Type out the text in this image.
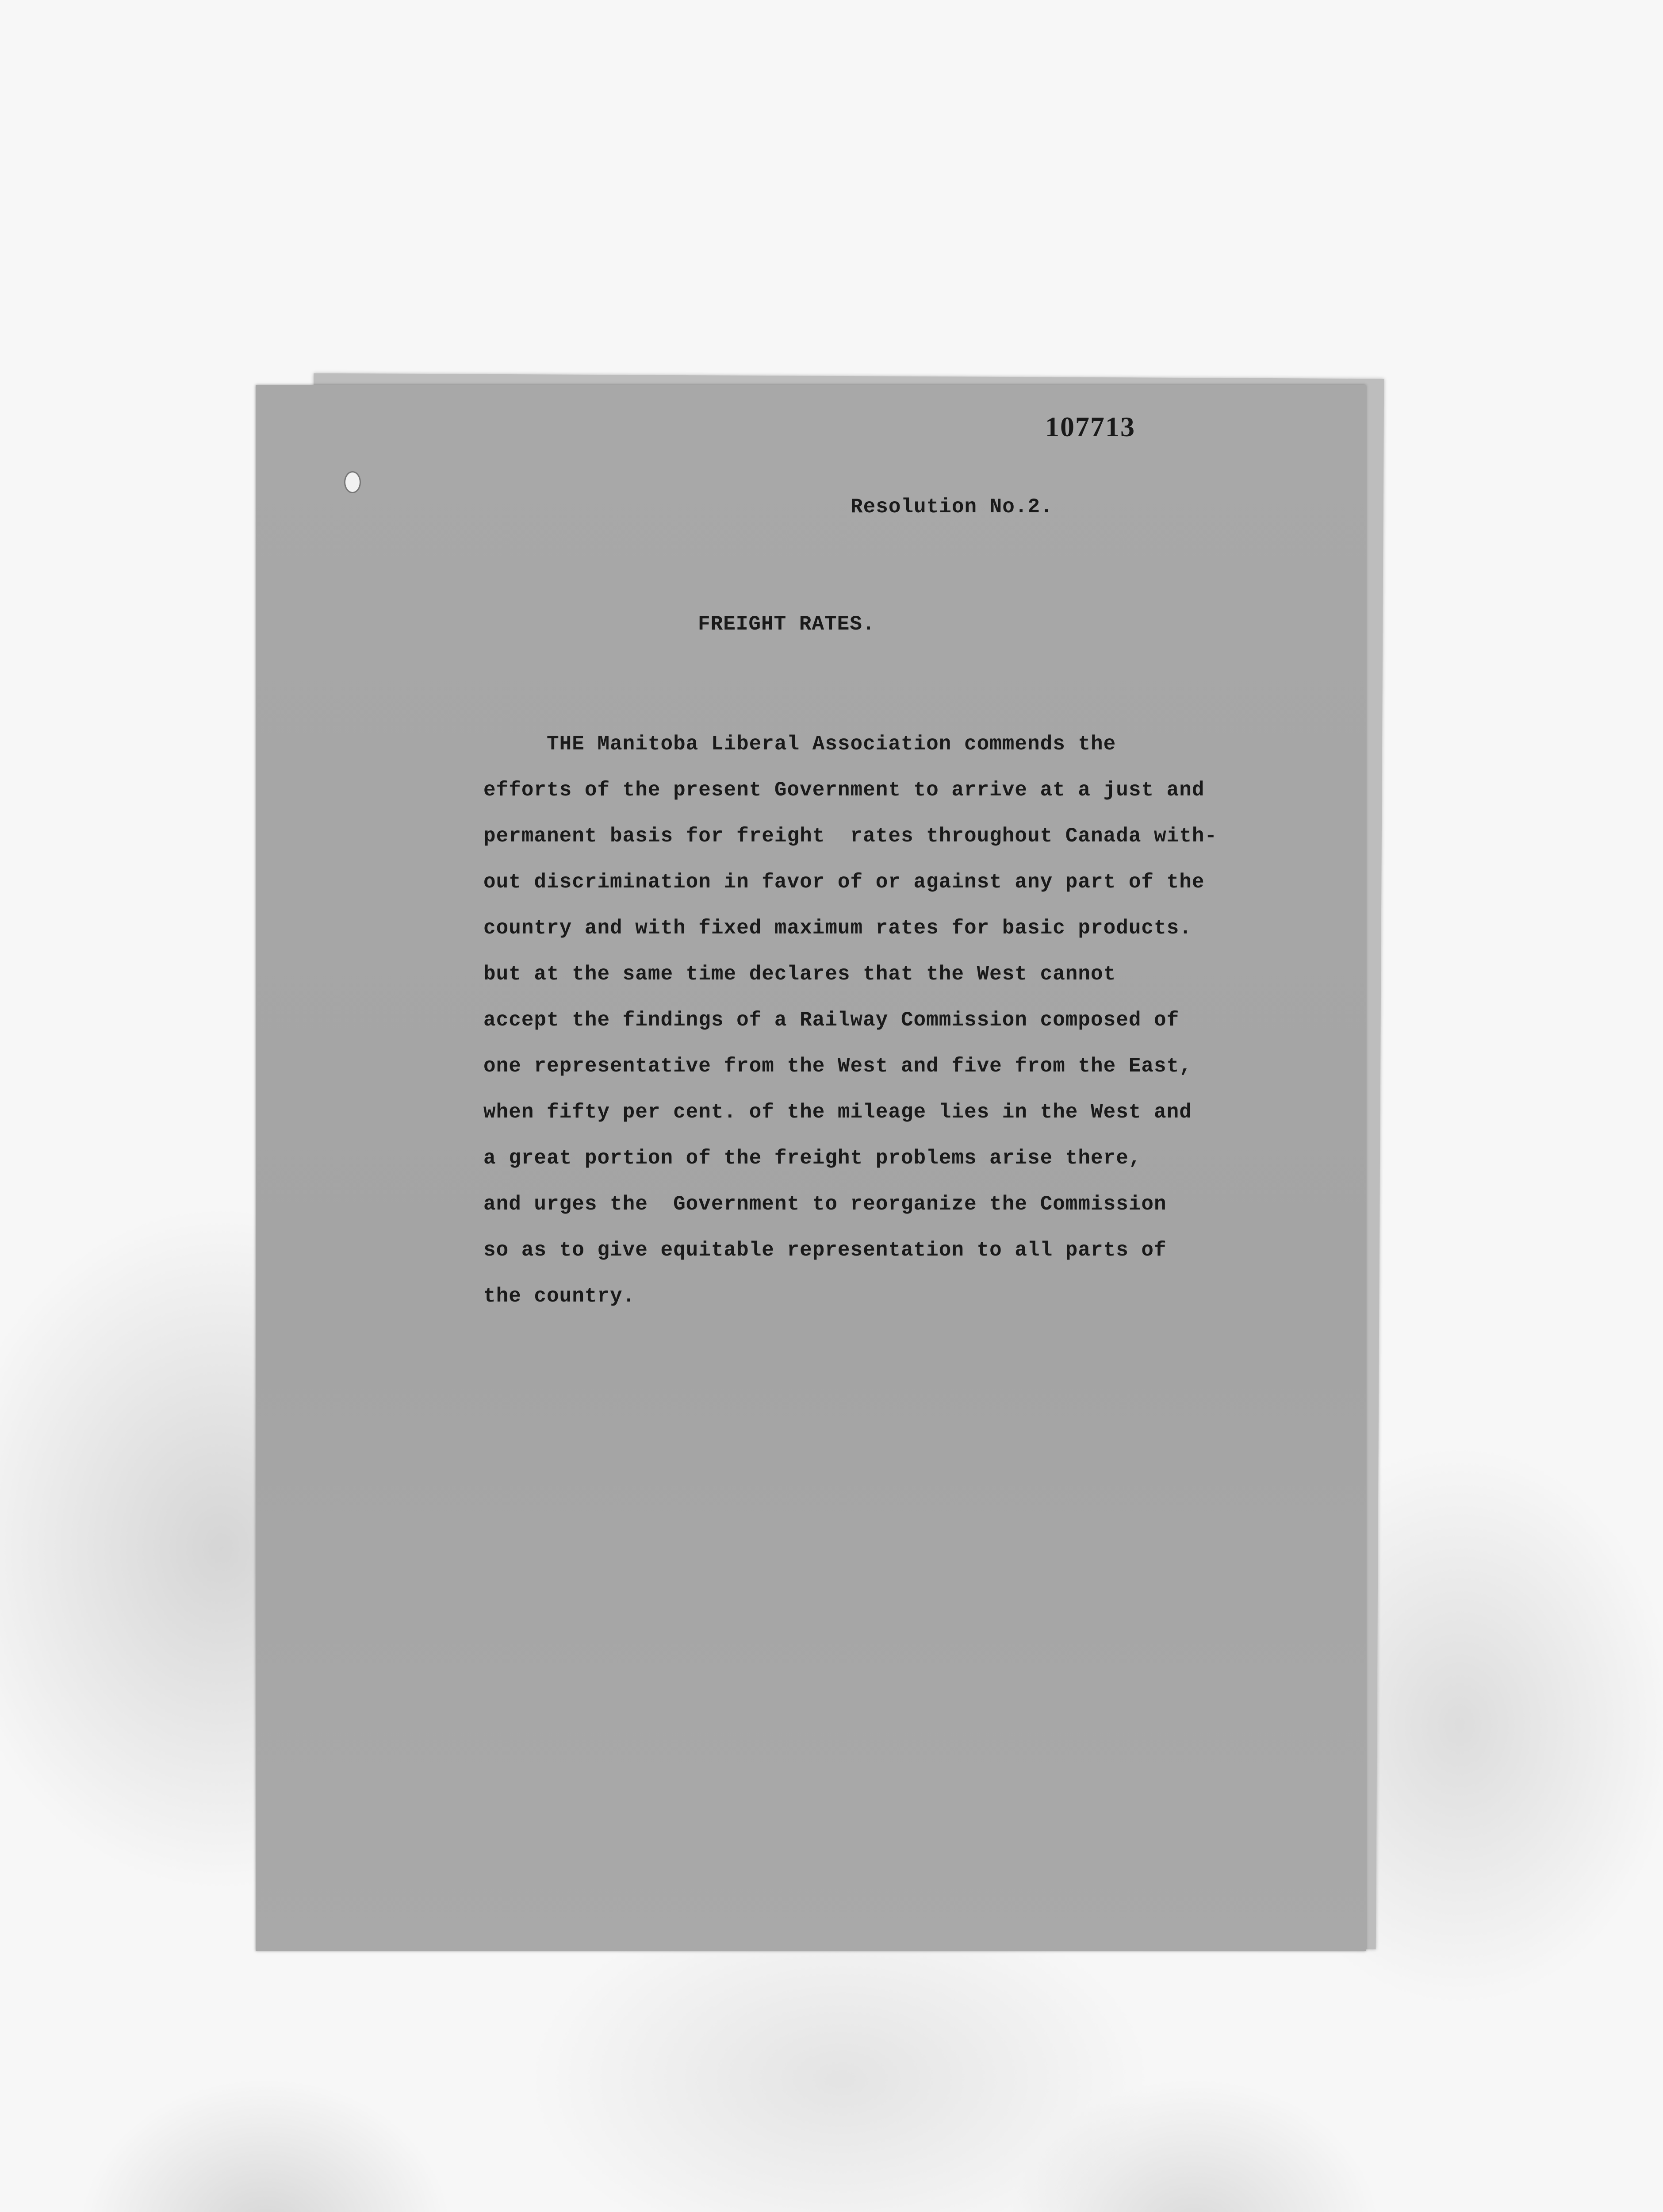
107713
Resolution No.2.
FREIGHT RATES.

THE Manitoba Liberal Association commends the

efforts of the present Government to arrive at a just and

permanent basis for freight  rates throughout Canada with-

out discrimination in favor of or against any part of the

country and with fixed maximum rates for basic products.

but at the same time declares that the West cannot

accept the findings of a Railway Commission composed of

one representative from the West and five from the East,

when fifty per cent. of the mileage lies in the West and

a great portion of the freight problems arise there,

and urges the  Government to reorganize the Commission

so as to give equitable representation to all parts of

the country.
